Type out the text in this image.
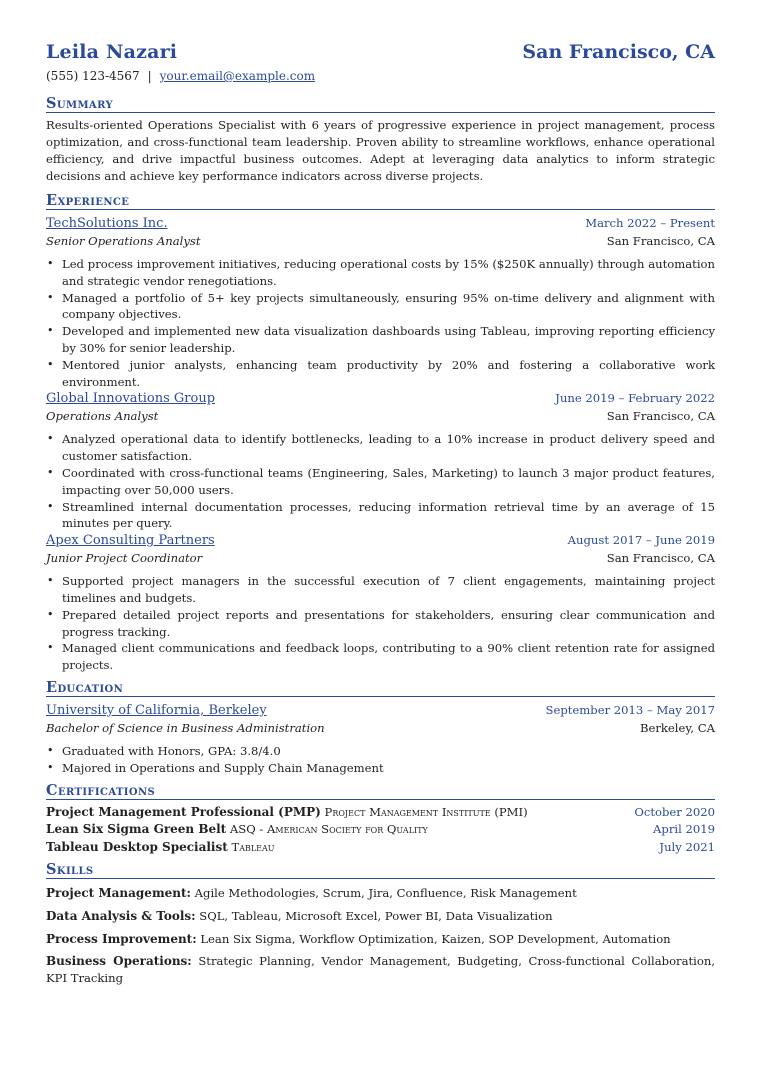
Leila Nazari	San Francisco, CA
(555) 123-4567 | your.email@example.com
Summary
Results-oriented Operations Specialist with 6 years of progressive experience in project management, process optimization, and cross-functional team leadership. Proven ability to streamline workflows, enhance operational efficiency, and drive impactful business outcomes. Adept at leveraging data analytics to inform strategic decisions and achieve key performance indicators across diverse projects.
Experience
TechSolutions Inc.	March 2022 – Present
Senior Operations Analyst	San Francisco, CA
• Led process improvement initiatives, reducing operational costs by 15% ($250K annually) through automation and strategic vendor renegotiations.
• Managed a portfolio of 5+ key projects simultaneously, ensuring 95% on-time delivery and alignment with company objectives.
• Developed and implemented new data visualization dashboards using Tableau, improving reporting efficiency by 30% for senior leadership.
• Mentored junior analysts, enhancing team productivity by 20% and fostering a collaborative work environment.
Global Innovations Group	June 2019 – February 2022
Operations Analyst	San Francisco, CA
• Analyzed operational data to identify bottlenecks, leading to a 10% increase in product delivery speed and customer satisfaction.
• Coordinated with cross-functional teams (Engineering, Sales, Marketing) to launch 3 major product features, impacting over 50,000 users.
• Streamlined internal documentation processes, reducing information retrieval time by an average of 15 minutes per query.
Apex Consulting Partners	August 2017 – June 2019
Junior Project Coordinator	San Francisco, CA
• Supported project managers in the successful execution of 7 client engagements, maintaining project timelines and budgets.
• Prepared detailed project reports and presentations for stakeholders, ensuring clear communication and progress tracking.
• Managed client communications and feedback loops, contributing to a 90% client retention rate for assigned projects.
Education
University of California, Berkeley	September 2013 – May 2017
Bachelor of Science in Business Administration	Berkeley, CA
• Graduated with Honors, GPA: 3.8/4.0
• Majored in Operations and Supply Chain Management
Certifications
Project Management Professional (PMP) Project Management Institute (PMI)	October 2020
Lean Six Sigma Green Belt ASQ - American Society for Quality	April 2019
Tableau Desktop Specialist Tableau	July 2021
Skills
Project Management: Agile Methodologies, Scrum, Jira, Confluence, Risk Management
Data Analysis & Tools: SQL, Tableau, Microsoft Excel, Power BI, Data Visualization
Process Improvement: Lean Six Sigma, Workflow Optimization, Kaizen, SOP Development, Automation
Business Operations: Strategic Planning, Vendor Management, Budgeting, Cross-functional Collaboration, KPI Tracking
